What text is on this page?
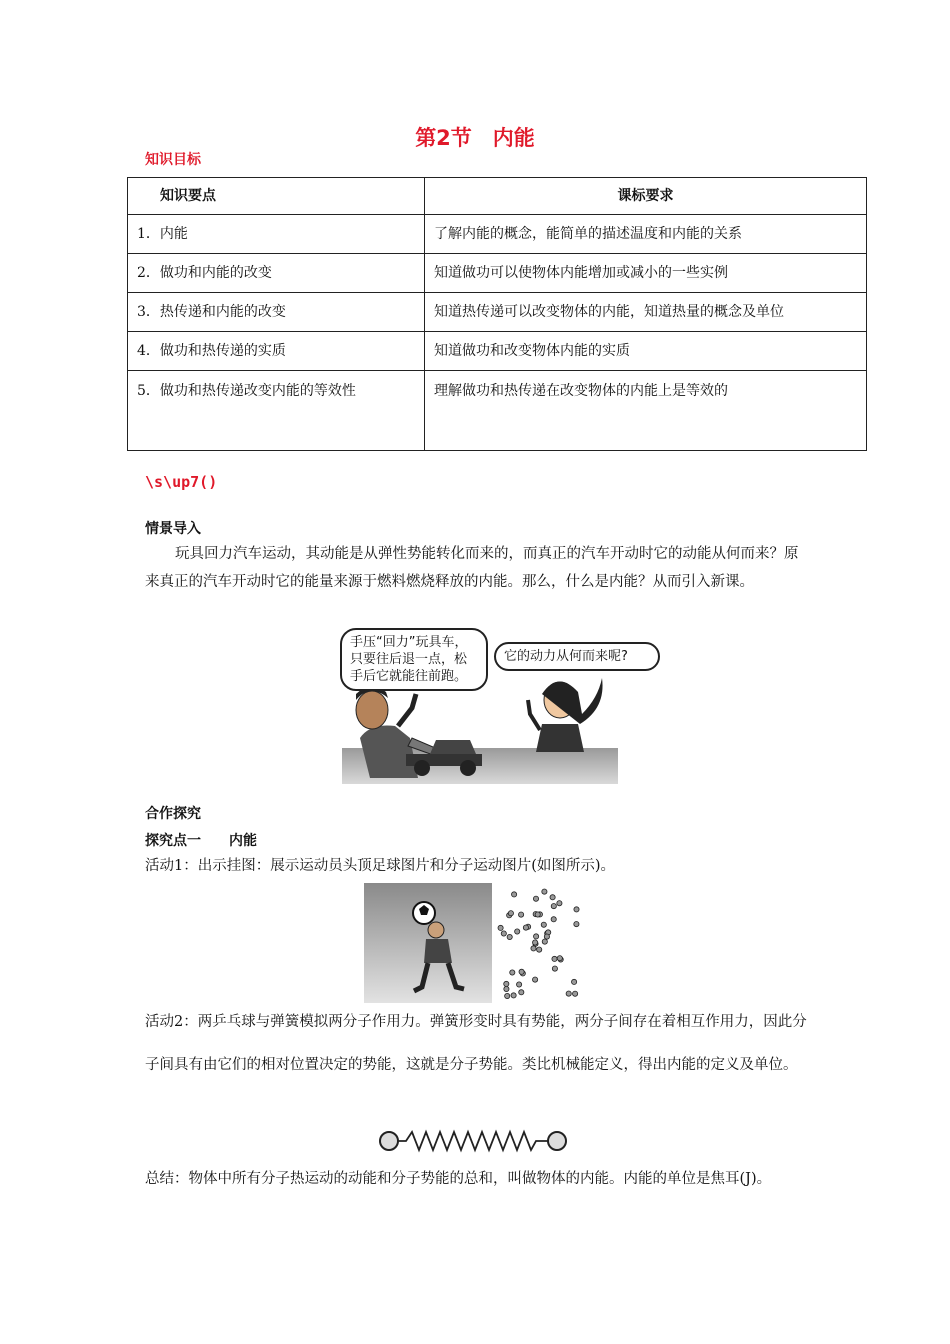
第2节　内能
知识目标
知识要点	课标要求
1．内能	了解内能的概念，能简单的描述温度和内能的关系
2．做功和内能的改变	知道做功可以使物体内能增加或减小的一些实例
3．热传递和内能的改变	知道热传递可以改变物体的内能，知道热量的概念及单位
4．做功和热传递的实质	知道做功和改变物体内能的实质
5．做功和热传递改变内能的等效性	理解做功和热传递在改变物体的内能上是等效的
\s\up7()
情景导入
玩具回力汽车运动，其动能是从弹性势能转化而来的，而真正的汽车开动时它的动能从何而来？原来真正的汽车开动时它的能量来源于燃料燃烧释放的内能。那么，什么是内能？从而引入新课。
手压“回力”玩具车，只要往后退一点，松手后它就能往前跑。
它的动力从何而来呢?
合作探究
探究点一　　内能
活动1：出示挂图：展示运动员头顶足球图片和分子运动图片(如图所示)。
活动2：两乒乓球与弹簧模拟两分子作用力。弹簧形变时具有势能，两分子间存在着相互作用力，因此分子间具有由它们的相对位置决定的势能，这就是分子势能。类比机械能定义，得出内能的定义及单位。
总结：物体中所有分子热运动的动能和分子势能的总和，叫做物体的内能。内能的单位是焦耳(J)。
